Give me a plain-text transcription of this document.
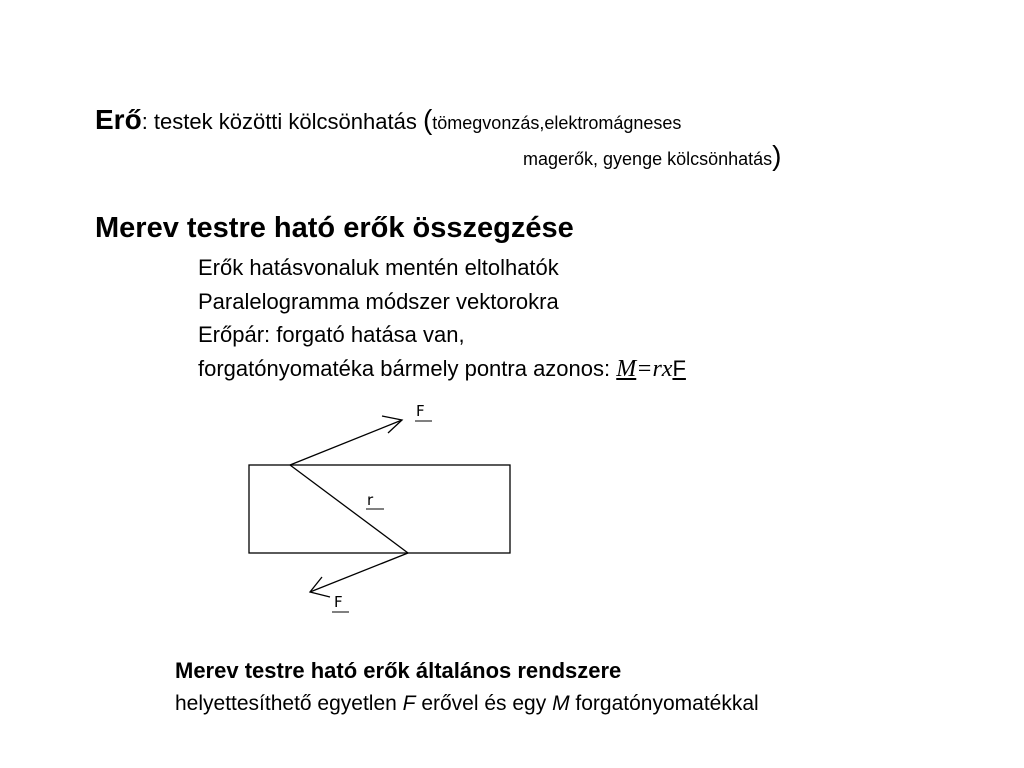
Erő: testek közötti kölcsönhatás (tömegvonzás,elektromágneses
magerők, gyenge kölcsönhatás)
Merev testre ható erők összegzése
Erők hatásvonaluk mentén eltolhatók
Paralelogramma módszer vektorokra
Erőpár: forgató hatása van,
forgatónyomatéka bármely pontra azonos: M=rxF
F
r
F
Merev testre ható erők általános rendszere
helyettesíthető egyetlen F erővel és egy M forgatónyomatékkal
